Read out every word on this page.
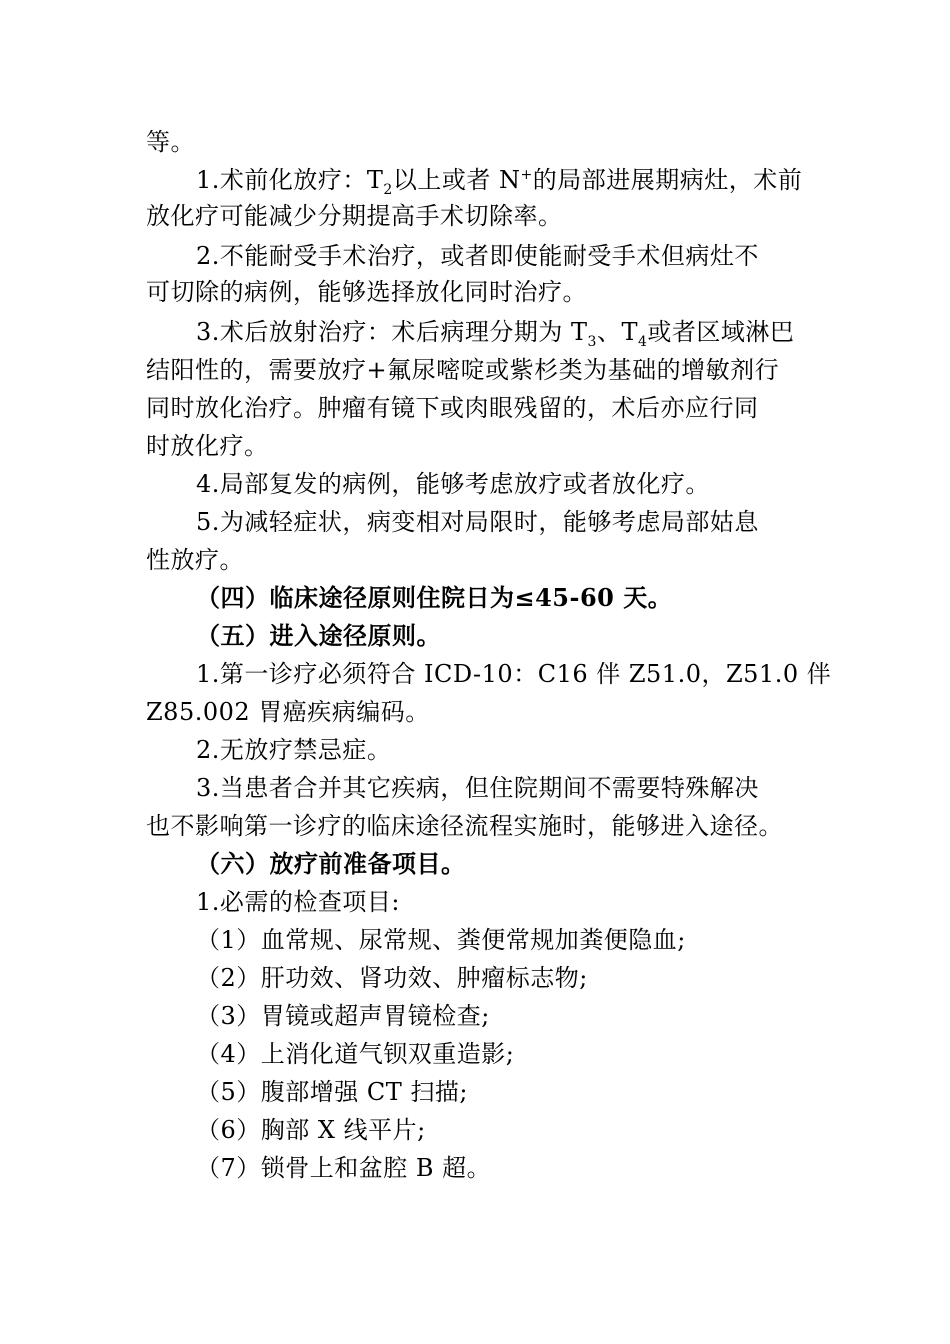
等。
1.术前化放疗：$T_2$以上或者 N+的局部进展期病灶，术前
放化疗可能减少分期提高手术切除率。
2.不能耐受手术治疗，或者即使能耐受手术但病灶不
可切除的病例，能够选择放化同时治疗。
3.术后放射治疗：术后病理分期为 $T_3$、$T_4$或者区域淋巴
结阳性的，需要放疗+氟尿嘧啶或紫杉类为基础的增敏剂行
同时放化治疗。肿瘤有镜下或肉眼残留的，术后亦应行同
时放化疗。
4.局部复发的病例，能够考虑放疗或者放化疗。
5.为减轻症状，病变相对局限时，能够考虑局部姑息
性放疗。
（四）临床途径原则住院日为≤45-60 天。
（五）进入途径原则。
1.第一诊疗必须符合 ICD-10：C16 伴 Z51.0，Z51.0 伴
Z85.002 胃癌疾病编码。
2.无放疗禁忌症。
3.当患者合并其它疾病，但住院期间不需要特殊解决
也不影响第一诊疗的临床途径流程实施时，能够进入途径。
（六）放疗前准备项目。
1.必需的检查项目:
（1）血常规、尿常规、粪便常规加粪便隐血;
（2）肝功效、肾功效、肿瘤标志物;
（3）胃镜或超声胃镜检查;
（4）上消化道气钡双重造影;
（5）腹部增强 CT 扫描;
（6）胸部 X 线平片;
（7）锁骨上和盆腔 B 超。
